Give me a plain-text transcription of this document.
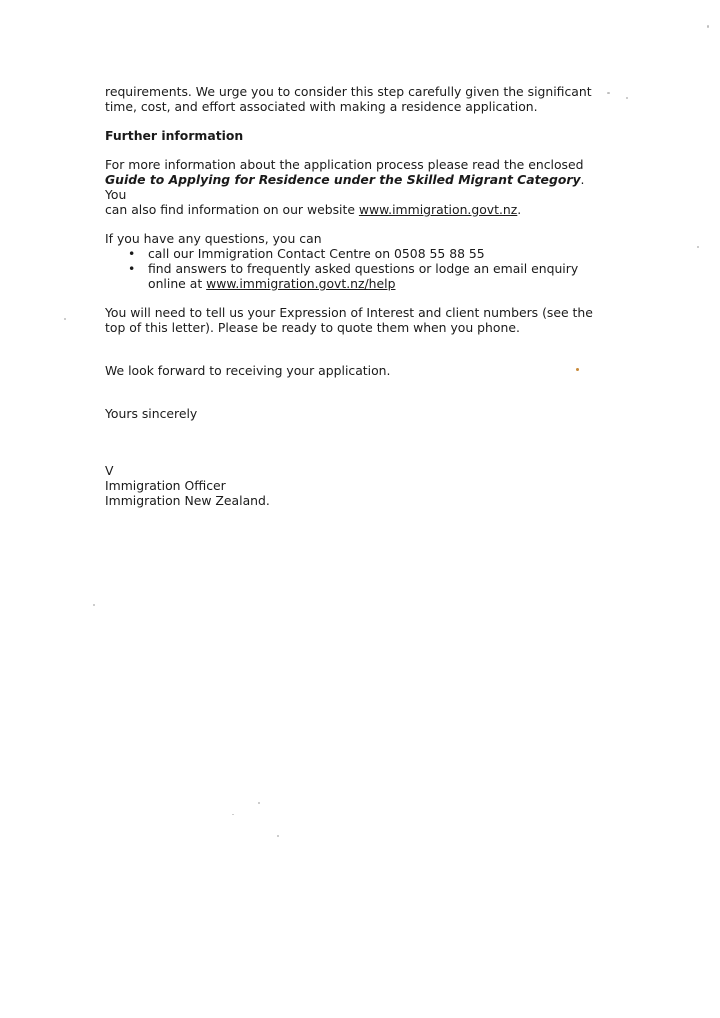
requirements. We urge you to consider this step carefully given the significant

time, cost, and effort associated with making a residence application.

Further information

For more information about the application process please read the enclosed

Guide to Applying for Residence under the Skilled Migrant Category. You

can also find information on our website www.immigration.govt.nz.

If you have any questions, you can

• call our Immigration Contact Centre on 0508 55 88 55
• find answers to frequently asked questions or lodge an email enquiry
online at www.immigration.govt.nz/help

You will need to tell us your Expression of Interest and client numbers (see the

top of this letter). Please be ready to quote them when you phone.

We look forward to receiving your application.

Yours sincerely

V

Immigration Officer

Immigration New Zealand.
